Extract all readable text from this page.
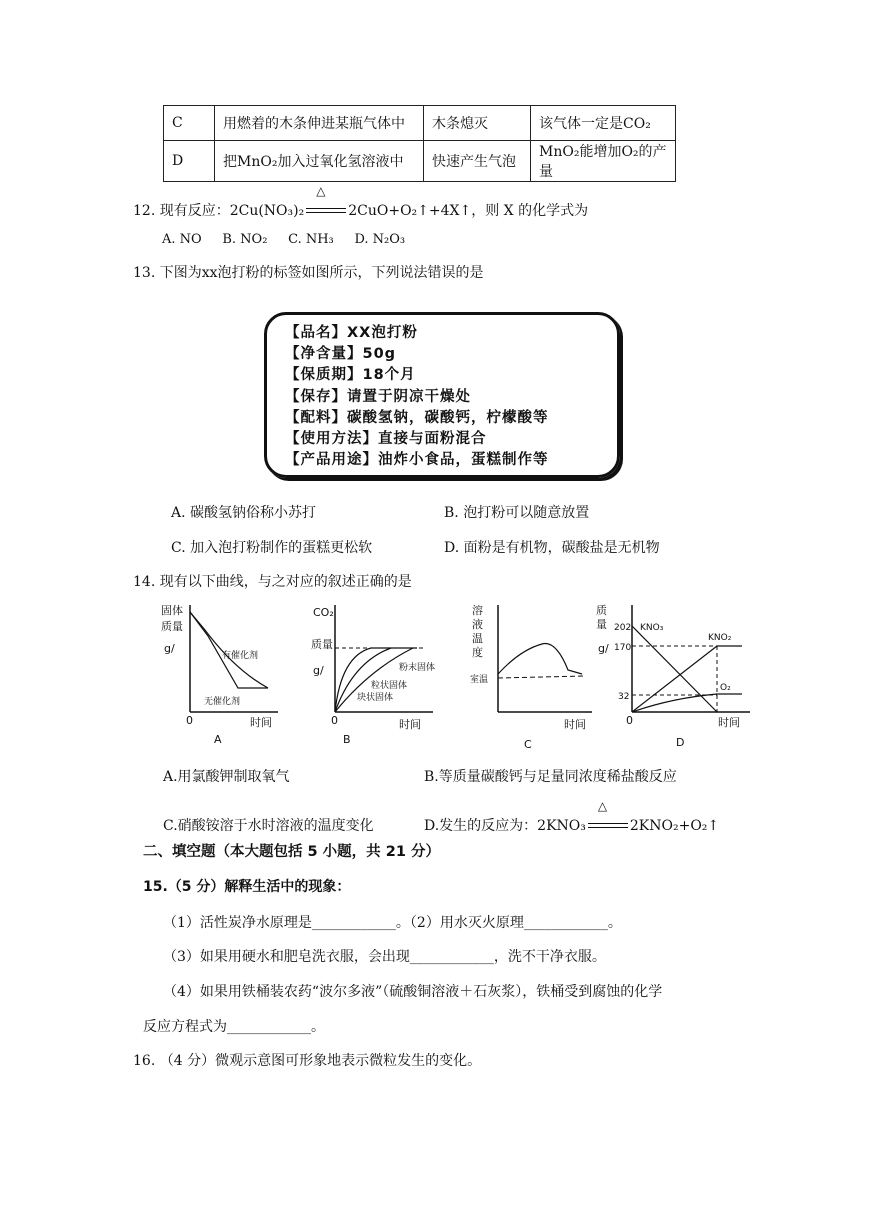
C	用燃着的木条伸进某瓶气体中	木条熄灭	该气体一定是CO₂
D	把MnO₂加入过氧化氢溶液中	快速产生气泡	MnO₂能增加O₂的产量
12. 现有反应：2Cu(NO₃)₂
△
2CuO+O₂↑+4X↑，则 X 的化学式为
A. NO B. NO₂ C. NH₃ D. N₂O₃
13. 下图为xx泡打粉的标签如图所示，下列说法错误的是
【品名】XX泡打粉
【净含量】50g
【保质期】18个月
【保存】请置于阴凉干燥处
【配料】碳酸氢钠，碳酸钙，柠檬酸等
【使用方法】直接与面粉混合
【产品用途】油炸小食品，蛋糕制作等
A. 碳酸氢钠俗称小苏打	B. 泡打粉可以随意放置
C. 加入泡打粉制作的蛋糕更松软	D. 面粉是有机物，碳酸盐是无机物
14. 现有以下曲线，与之对应的叙述正确的是
固体
质量
g/
有催化剂
无催化剂
0	时间
A
CO₂
质量
g/	粉末固体
粒状固体
块状固体
0	时间
B
溶
液
温
度
室温
时间
C
质
量
g/
202
170
32
KNO₃
KNO₂
O₂
0	时间
D
A.用氯酸钾制取氧气	B.等质量碳酸钙与足量同浓度稀盐酸反应
C.硝酸铵溶于水时溶液的温度变化	D.发生的反应为：2KNO₃
△
2KNO₂+O₂↑
二、填空题（本大题包括 5 小题，共 21 分）
15.（5 分）解释生活中的现象：
（1）活性炭净水原理是____________。（2）用水灭火原理____________。
（3）如果用硬水和肥皂洗衣服，会出现____________，洗不干净衣服。
（4）如果用铁桶装农药“波尔多液”（硫酸铜溶液＋石灰浆），铁桶受到腐蚀的化学
反应方程式为____________。
16. （4 分）微观示意图可形象地表示微粒发生的变化。
